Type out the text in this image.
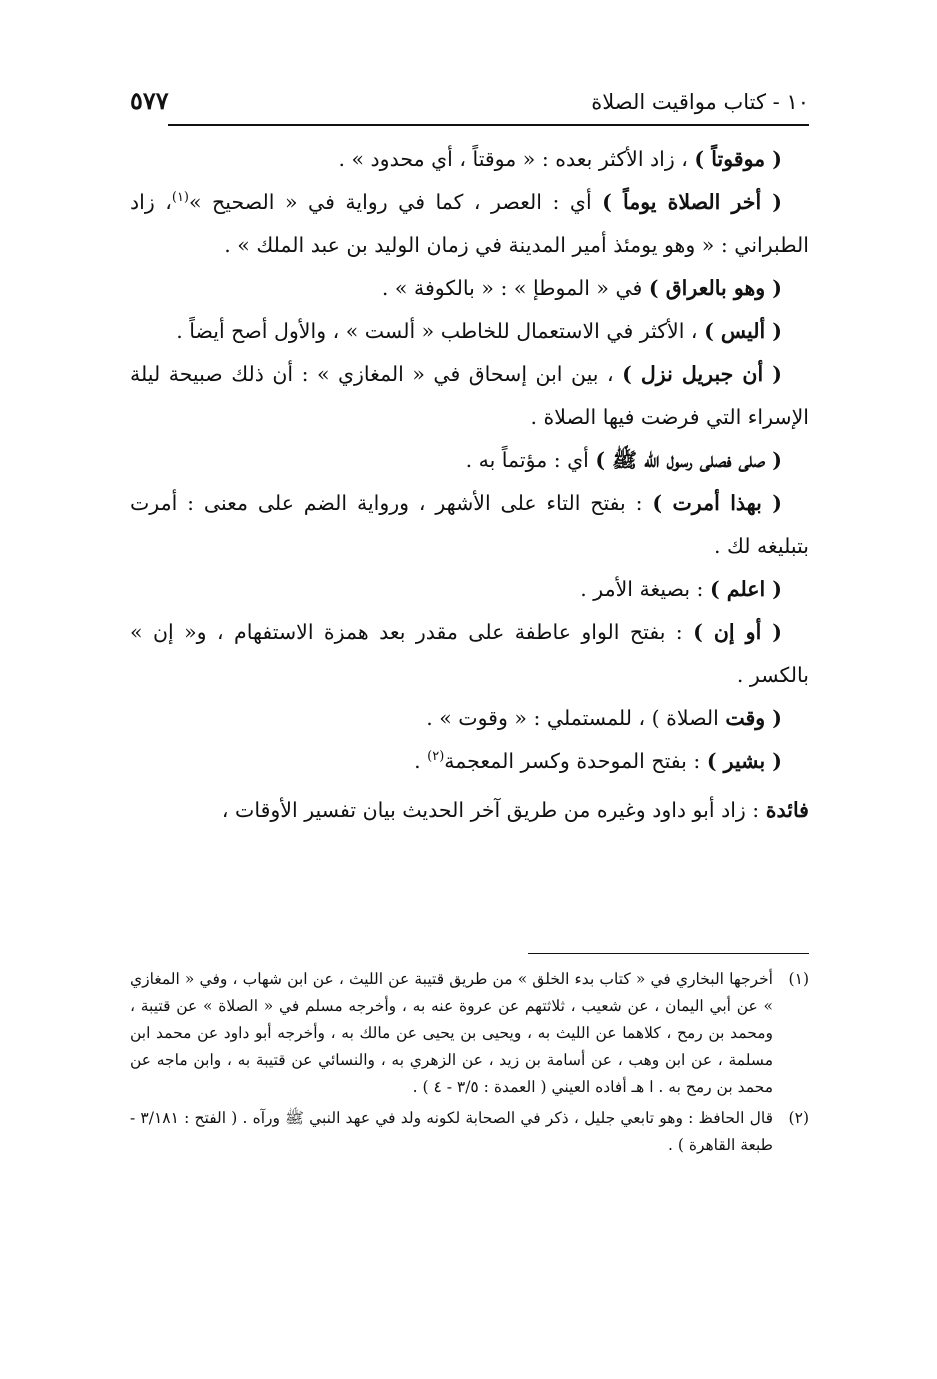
١٠ - كتاب مواقيت الصلاة
٥٧٧

( موقوتاً ) ، زاد الأكثر بعده : « موقتاً ، أي محدود » .

( أخر الصلاة يوماً ) أي : العصر ، كما في رواية في « الصحيح »$^{(١)}$، زاد الطبراني : « وهو يومئذ أمير المدينة في زمان الوليد بن عبد الملك » .

( وهو بالعراق ) في « الموطإ » : « بالكوفة » .

( أليس ) ، الأكثر في الاستعمال للخاطب « ألست » ، والأول أصح أيضاً .

( أن جبريل نزل ) ، بين ابن إسحاق في « المغازي » : أن ذلك صبيحة ليلة الإسراء التي فرضت فيها الصلاة .

( صلى فصلى رسول الله ﷺ ) أي : مؤتماً به .

( بهذا أمرت ) : بفتح التاء على الأشهر ، ورواية الضم على معنى : أمرت بتبليغه لك .

( اعلم ) : بصيغة الأمر .

( أو إن ) : بفتح الواو عاطفة على مقدر بعد همزة الاستفهام ، و« إن » بالكسر .

( وقت الصلاة ) ، للمستملي : « وقوت » .

( بشير ) : بفتح الموحدة وكسر المعجمة$^{(٢)}$ .

فائدة : زاد أبو داود وغيره من طريق آخر الحديث بيان تفسير الأوقات ،

(١)
أخرجها البخاري في « كتاب بدء الخلق » من طريق قتيبة عن الليث ، عن ابن شهاب ، وفي « المغازي » عن أبي اليمان ، عن شعيب ، ثلاثتهم عن عروة عنه به ، وأخرجه مسلم في « الصلاة » عن قتيبة ، ومحمد بن رمح ، كلاهما عن الليث به ، ويحيى بن يحيى عن مالك به ، وأخرجه أبو داود عن محمد ابن مسلمة ، عن ابن وهب ، عن أسامة بن زيد ، عن الزهري به ، والنسائي عن قتيبة به ، وابن ماجه عن محمد بن رمح به . ا هـ أفاده العيني ( العمدة : ٣/٥ - ٤ ) .

(٢)
قال الحافظ : وهو تابعي جليل ، ذكر في الصحابة لكونه ولد في عهد النبي ﷺ ورآه . ( الفتح : ٣/١٨١ - طبعة القاهرة ) .
